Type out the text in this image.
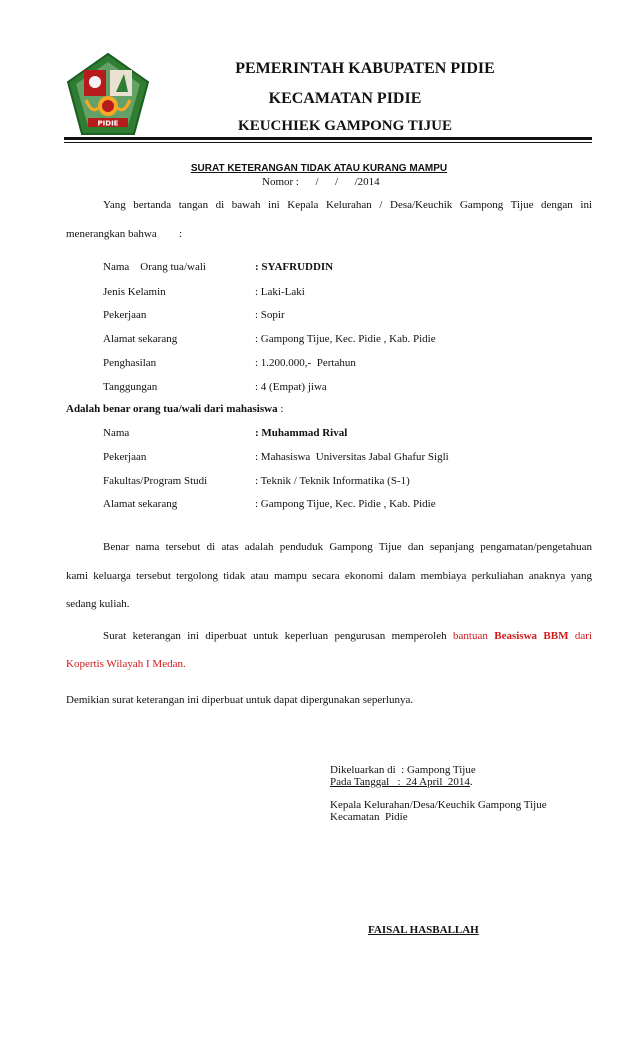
PIDIE
PEMERINTAH KABUPATEN PIDIE
KECAMATAN PIDIE
KEUCHIEK GAMPONG TIJUE
SURAT KETERANGAN TIDAK ATAU KURANG MAMPU
Nomor :      /      /      /2014
Yang bertanda tangan di bawah ini Kepala Kelurahan / Desa/Keuchik Gampong Tijue dengan ini
menerangkan bahwa :
Nama    Orang tua/wali	: SYAFRUDDIN
Jenis Kelamin	: Laki-Laki
Pekerjaan	: Sopir
Alamat sekarang	: Gampong Tijue, Kec. Pidie , Kab. Pidie
Penghasilan	: 1.200.000,-  Pertahun
Tanggungan	: 4 (Empat) jiwa
Adalah benar orang tua/wali dari mahasiswa :
Nama	: Muhammad Rival
Pekerjaan	: Mahasiswa  Universitas Jabal Ghafur Sigli
Fakultas/Program Studi	: Teknik / Teknik Informatika (S-1)
Alamat sekarang	: Gampong Tijue, Kec. Pidie , Kab. Pidie
Benar nama tersebut di atas adalah penduduk Gampong Tijue dan sepanjang pengamatan/pengetahuan
kami keluarga tersebut tergolong tidak atau mampu secara ekonomi dalam membiaya perkuliahan anaknya yang
sedang kuliah.
Surat keterangan ini diperbuat untuk keperluan pengurusan memperoleh bantuan Beasiswa BBM dari
Kopertis Wilayah I Medan.
Demikian surat keterangan ini diperbuat untuk dapat dipergunakan seperlunya.
Dikeluarkan di  : Gampong Tijue
Pada Tanggal   :  24 April  2014.
Kepala Kelurahan/Desa/Keuchik Gampong Tijue
Kecamatan  Pidie
FAISAL HASBALLAH
